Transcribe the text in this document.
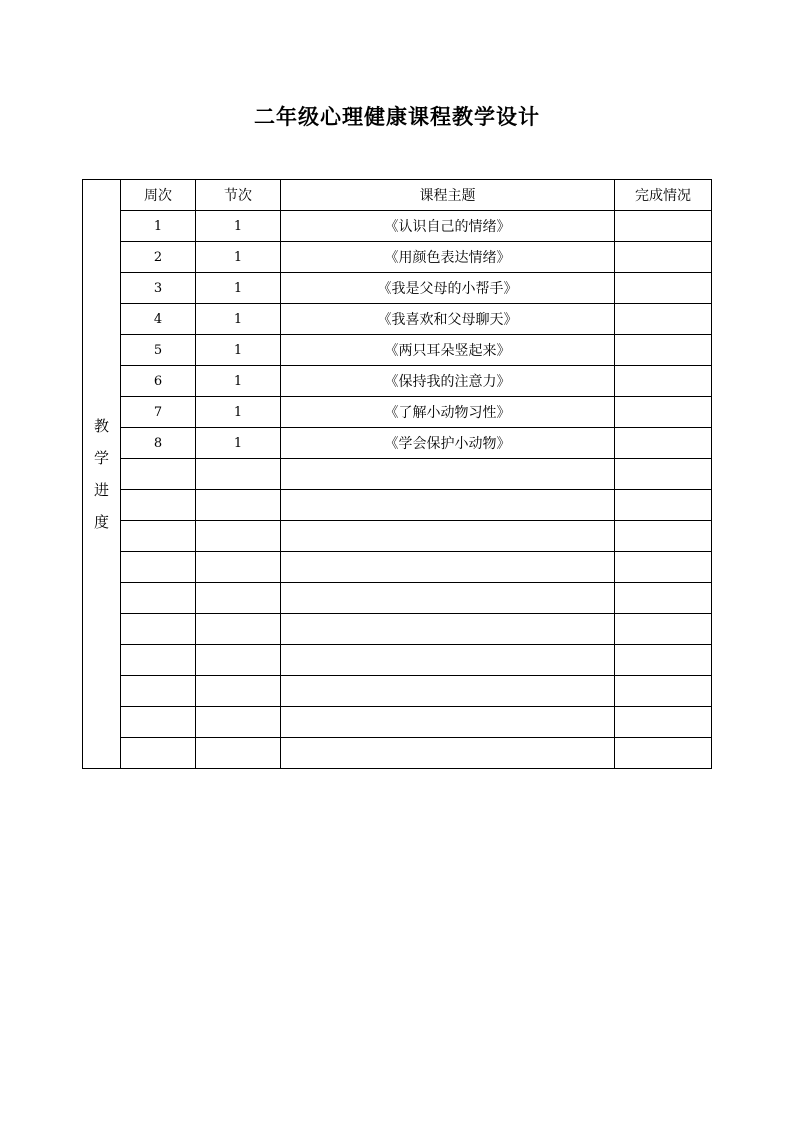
二年级心理健康课程教学设计
教
学
进
度	周次	节次	课程主题	完成情况
	1	1	《认识自己的情绪》	
	2	1	《用颜色表达情绪》	
	3	1	《我是父母的小帮手》	
	4	1	《我喜欢和父母聊天》	
	5	1	《两只耳朵竖起来》	
	6	1	《保持我的注意力》	
	7	1	《了解小动物习性》	
	8	1	《学会保护小动物》	
